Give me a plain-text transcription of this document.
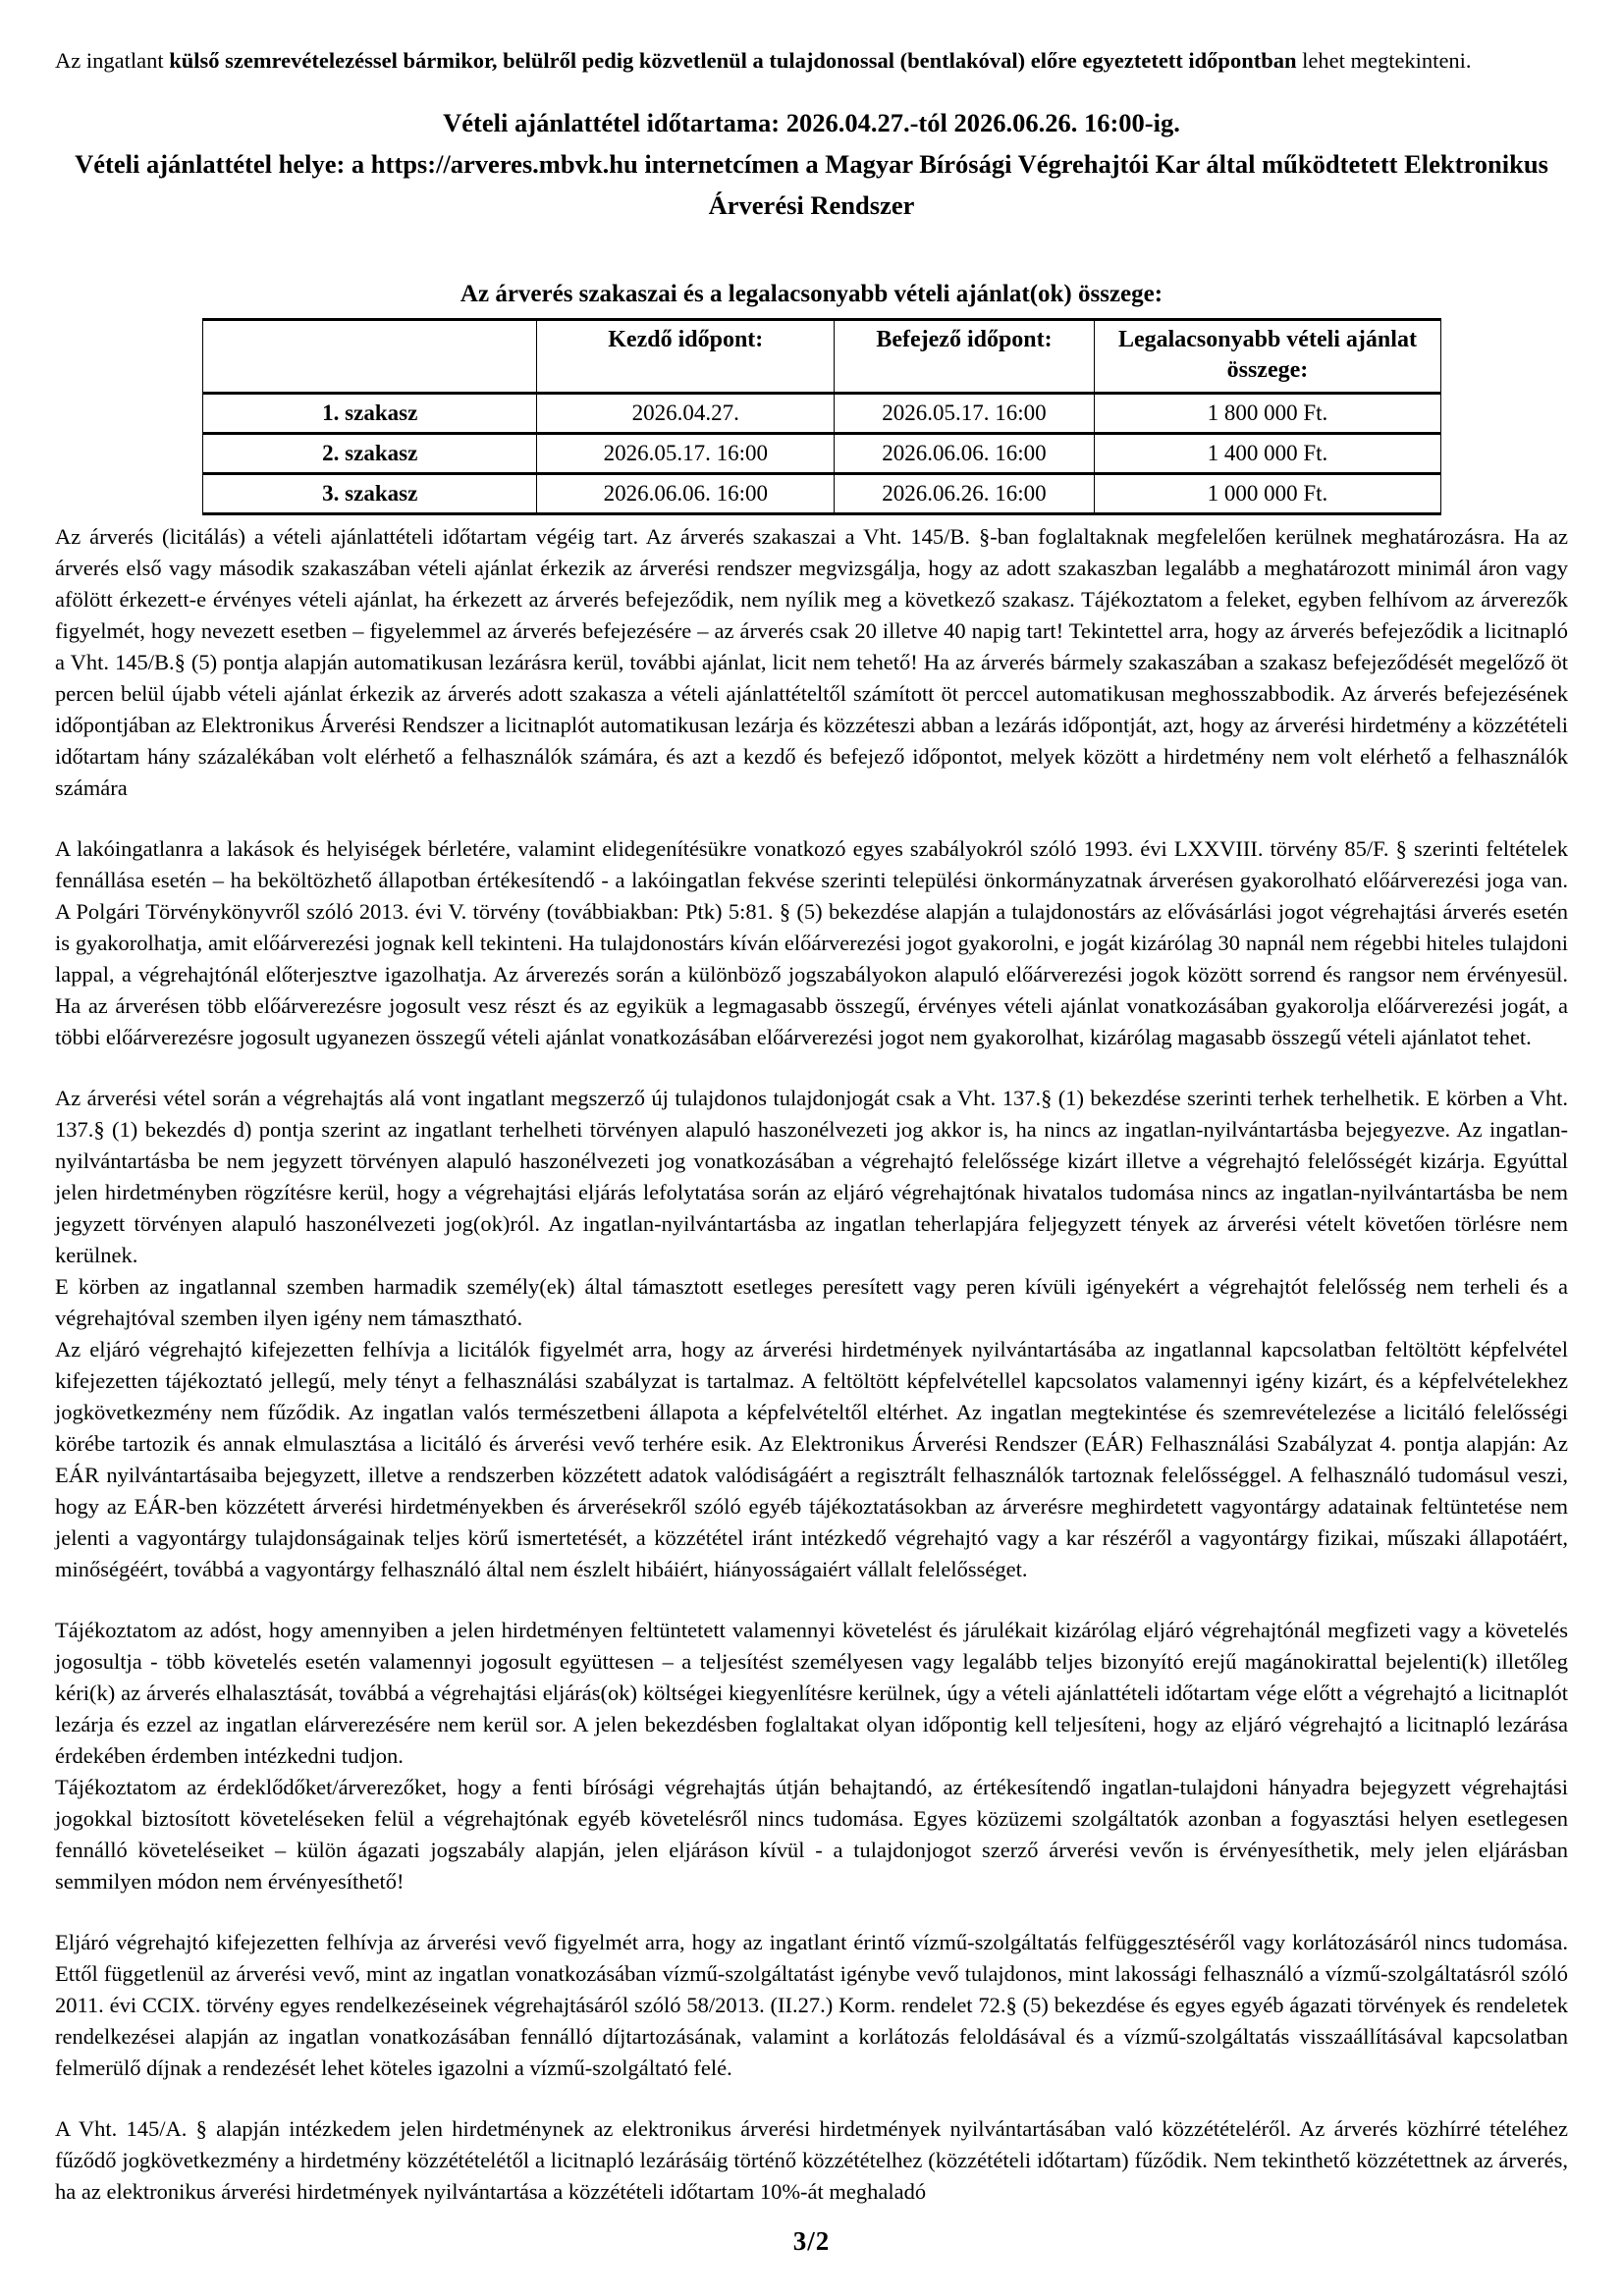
Az ingatlant külső szemrevételezéssel bármikor, belülről pedig közvetlenül a tulajdonossal (bentlakóval) előre egyeztetett időpontban lehet megtekinteni.

Vételi ajánlattétel időtartama: 2026.04.27.-tól 2026.06.26. 16:00-ig.
Vételi ajánlattétel helye: a https://arveres.mbvk.hu internetcímen a Magyar Bírósági Végrehajtói Kar által működtetett Elektronikus Árverési Rendszer
Az árverés szakaszai és a legalacsonyabb vételi ajánlat(ok) összege:
	Kezdő időpont:	Befejező időpont:	Legalacsonyabb vételi ajánlat összege:
1. szakasz	2026.04.27.	2026.05.17. 16:00	1 800 000 Ft.
2. szakasz	2026.05.17. 16:00	2026.06.06. 16:00	1 400 000 Ft.
3. szakasz	2026.06.06. 16:00	2026.06.26. 16:00	1 000 000 Ft.

Az árverés (licitálás) a vételi ajánlattételi időtartam végéig tart. Az árverés szakaszai a Vht. 145/B. §-ban foglaltaknak megfelelően kerülnek meghatározásra. Ha az árverés első vagy második szakaszában vételi ajánlat érkezik az árverési rendszer megvizsgálja, hogy az adott szakaszban legalább a meghatározott minimál áron vagy afölött érkezett-e érvényes vételi ajánlat, ha érkezett az árverés befejeződik, nem nyílik meg a következő szakasz. Tájékoztatom a feleket, egyben felhívom az árverezők figyelmét, hogy nevezett esetben – figyelemmel az árverés befejezésére – az árverés csak 20 illetve 40 napig tart! Tekintettel arra, hogy az árverés befejeződik a licitnapló a Vht. 145/B.§ (5) pontja alapján automatikusan lezárásra kerül, további ajánlat, licit nem tehető! Ha az árverés bármely szakaszában a szakasz befejeződését megelőző öt percen belül újabb vételi ajánlat érkezik az árverés adott szakasza a vételi ajánlattételtől számított öt perccel automatikusan meghosszabbodik. Az árverés befejezésének időpontjában az Elektronikus Árverési Rendszer a licitnaplót automatikusan lezárja és közzéteszi abban a lezárás időpontját, azt, hogy az árverési hirdetmény a közzétételi időtartam hány százalékában volt elérhető a felhasználók számára, és azt a kezdő és befejező időpontot, melyek között a hirdetmény nem volt elérhető a felhasználók számára

A lakóingatlanra a lakások és helyiségek bérletére, valamint elidegenítésükre vonatkozó egyes szabályokról szóló 1993. évi LXXVIII. törvény 85/F. § szerinti feltételek fennállása esetén – ha beköltözhető állapotban értékesítendő - a lakóingatlan fekvése szerinti települési önkormányzatnak árverésen gyakorolható előárverezési joga van. A Polgári Törvénykönyvről szóló 2013. évi V. törvény (továbbiakban: Ptk) 5:81. § (5) bekezdése alapján a tulajdonostárs az elővásárlási jogot végrehajtási árverés esetén is gyakorolhatja, amit előárverezési jognak kell tekinteni. Ha tulajdonostárs kíván előárverezési jogot gyakorolni, e jogát kizárólag 30 napnál nem régebbi hiteles tulajdoni lappal, a végrehajtónál előterjesztve igazolhatja. Az árverezés során a különböző jogszabályokon alapuló előárverezési jogok között sorrend és rangsor nem érvényesül. Ha az árverésen több előárverezésre jogosult vesz részt és az egyikük a legmagasabb összegű, érvényes vételi ajánlat vonatkozásában gyakorolja előárverezési jogát, a többi előárverezésre jogosult ugyanezen összegű vételi ajánlat vonatkozásában előárverezési jogot nem gyakorolhat, kizárólag magasabb összegű vételi ajánlatot tehet.

Az árverési vétel során a végrehajtás alá vont ingatlant megszerző új tulajdonos tulajdonjogát csak a Vht. 137.§ (1) bekezdése szerinti terhek terhelhetik. E körben a Vht. 137.§ (1) bekezdés d) pontja szerint az ingatlant terhelheti törvényen alapuló haszonélvezeti jog akkor is, ha nincs az ingatlan-nyilvántartásba bejegyezve. Az ingatlan-nyilvántartásba be nem jegyzett törvényen alapuló haszonélvezeti jog vonatkozásában a végrehajtó felelőssége kizárt illetve a végrehajtó felelősségét kizárja. Egyúttal jelen hirdetményben rögzítésre kerül, hogy a végrehajtási eljárás lefolytatása során az eljáró végrehajtónak hivatalos tudomása nincs az ingatlan-nyilvántartásba be nem jegyzett törvényen alapuló haszonélvezeti jog(ok)ról. Az ingatlan-nyilvántartásba az ingatlan teherlapjára feljegyzett tények az árverési vételt követően törlésre nem kerülnek.

E körben az ingatlannal szemben harmadik személy(ek) által támasztott esetleges peresített vagy peren kívüli igényekért a végrehajtót felelősség nem terheli és a végrehajtóval szemben ilyen igény nem támasztható.

Az eljáró végrehajtó kifejezetten felhívja a licitálók figyelmét arra, hogy az árverési hirdetmények nyilvántartásába az ingatlannal kapcsolatban feltöltött képfelvétel kifejezetten tájékoztató jellegű, mely tényt a felhasználási szabályzat is tartalmaz. A feltöltött képfelvétellel kapcsolatos valamennyi igény kizárt, és a képfelvételekhez jogkövetkezmény nem fűződik. Az ingatlan valós természetbeni állapota a képfelvételtől eltérhet. Az ingatlan megtekintése és szemrevételezése a licitáló felelősségi körébe tartozik és annak elmulasztása a licitáló és árverési vevő terhére esik. Az Elektronikus Árverési Rendszer (EÁR) Felhasználási Szabályzat 4. pontja alapján: Az EÁR nyilvántartásaiba bejegyzett, illetve a rendszerben közzétett adatok valódiságáért a regisztrált felhasználók tartoznak felelősséggel. A felhasználó tudomásul veszi, hogy az EÁR-ben közzétett árverési hirdetményekben és árverésekről szóló egyéb tájékoztatásokban az árverésre meghirdetett vagyontárgy adatainak feltüntetése nem jelenti a vagyontárgy tulajdonságainak teljes körű ismertetését, a közzététel iránt intézkedő végrehajtó vagy a kar részéről a vagyontárgy fizikai, műszaki állapotáért, minőségéért, továbbá a vagyontárgy felhasználó által nem észlelt hibáiért, hiányosságaiért vállalt felelősséget.

Tájékoztatom az adóst, hogy amennyiben a jelen hirdetményen feltüntetett valamennyi követelést és járulékait kizárólag eljáró végrehajtónál megfizeti vagy a követelés jogosultja - több követelés esetén valamennyi jogosult együttesen – a teljesítést személyesen vagy legalább teljes bizonyító erejű magánokirattal bejelenti(k) illetőleg kéri(k) az árverés elhalasztását, továbbá a végrehajtási eljárás(ok) költségei kiegyenlítésre kerülnek, úgy a vételi ajánlattételi időtartam vége előtt a végrehajtó a licitnaplót lezárja és ezzel az ingatlan elárverezésére nem kerül sor. A jelen bekezdésben foglaltakat olyan időpontig kell teljesíteni, hogy az eljáró végrehajtó a licitnapló lezárása érdekében érdemben intézkedni tudjon.

Tájékoztatom az érdeklődőket/árverezőket, hogy a fenti bírósági végrehajtás útján behajtandó, az értékesítendő ingatlan-tulajdoni hányadra bejegyzett végrehajtási jogokkal biztosított követeléseken felül a végrehajtónak egyéb követelésről nincs tudomása. Egyes közüzemi szolgáltatók azonban a fogyasztási helyen esetlegesen fennálló követeléseiket – külön ágazati jogszabály alapján, jelen eljáráson kívül - a tulajdonjogot szerző árverési vevőn is érvényesíthetik, mely jelen eljárásban semmilyen módon nem érvényesíthető!

Eljáró végrehajtó kifejezetten felhívja az árverési vevő figyelmét arra, hogy az ingatlant érintő vízmű-szolgáltatás felfüggesztéséről vagy korlátozásáról nincs tudomása. Ettől függetlenül az árverési vevő, mint az ingatlan vonatkozásában vízmű-szolgáltatást igénybe vevő tulajdonos, mint lakossági felhasználó a vízmű-szolgáltatásról szóló 2011. évi CCIX. törvény egyes rendelkezéseinek végrehajtásáról szóló 58/2013. (II.27.) Korm. rendelet 72.§ (5) bekezdése és egyes egyéb ágazati törvények és rendeletek rendelkezései alapján az ingatlan vonatkozásában fennálló díjtartozásának, valamint a korlátozás feloldásával és a vízmű-szolgáltatás visszaállításával kapcsolatban felmerülő díjnak a rendezését lehet köteles igazolni a vízmű-szolgáltató felé.

A Vht. 145/A. § alapján intézkedem jelen hirdetménynek az elektronikus árverési hirdetmények nyilvántartásában való közzétételéről. Az árverés közhírré tételéhez fűződő jogkövetkezmény a hirdetmény közzétételétől a licitnapló lezárásáig történő közzétételhez (közzétételi időtartam) fűződik. Nem tekinthető közzétettnek az árverés, ha az elektronikus árverési hirdetmények nyilvántartása a közzétételi időtartam 10%-át meghaladó

3/2
